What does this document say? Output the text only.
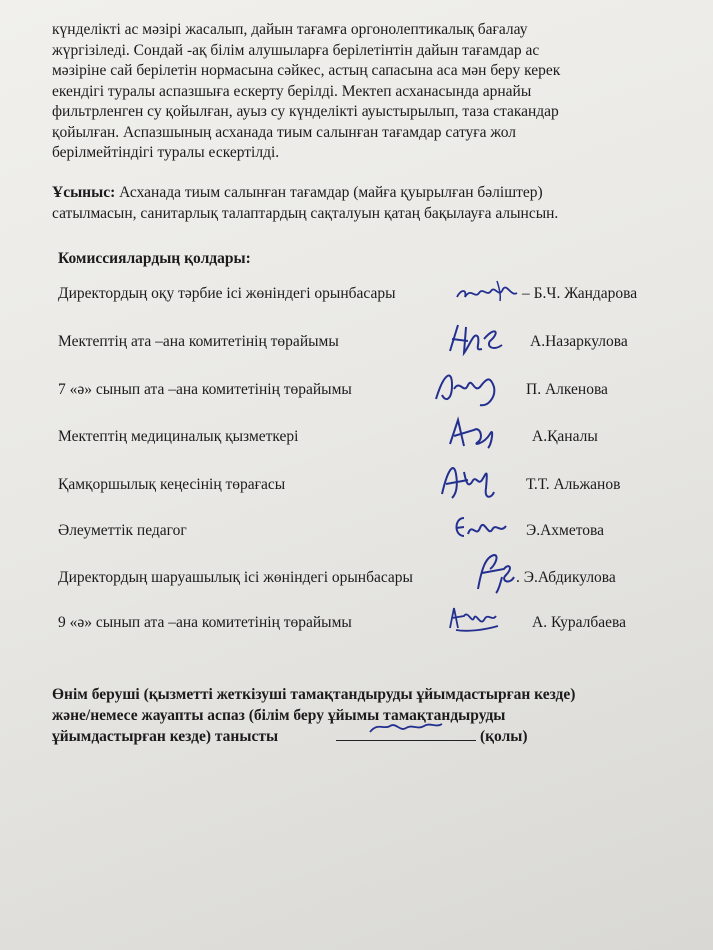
күнделікті ас мәзірі жасалып, дайын тағамға оргонолептикалық бағалау
жүргізіледі. Сондай -ақ білім алушыларға берілетінтін дайын тағамдар ас
мәзіріне сай берілетін нормасына сәйкес, астың сапасына аса мән беру керек
екендігі туралы аспазшыға ескерту берілді. Мектеп асханасында арнайы
фильтрленген су қойылған, ауыз су күнделікті ауыстырылып, таза стакандар
қойылған. Аспазшының асханада тиым салынған тағамдар сатуға жол
берілмейтіндігі туралы ескертілді.
Ұсыныс: Асханада тиым салынған тағамдар (майға қуырылған бәліштер)
сатылмасын, санитарлық талаптардың сақталуын қатаң бақылауға алынсын.

Комиссиялардың қолдары:

Директордың оқу тәрбие ісі жөніндегі орынбасары	– Б.Ч. Жандарова
Мектептің ата –ана комитетінің төрайымы	А.Назаркулова
7 «ә» сынып ата –ана комитетінің төрайымы	П. Алкенова
Мектептің медициналық қызметкері	А.Қаналы
Қамқоршылық кеңесінің төрағасы	Т.Т. Альжанов
Әлеуметтік педагог	Э.Ахметова
Директордың шаруашылық ісі жөніндегі орынбасары	. Э.Абдикулова
9 «ә» сынып ата –ана комитетінің төрайымы	А. Куралбаева
Өнім беруші (қызметті жеткізуші тамақтандыруды ұйымдастырған кезде)
және/немесе жауапты аспаз (білім беру ұйымы тамақтандыруды
ұйымдастырған кезде) танысты	(қолы)
